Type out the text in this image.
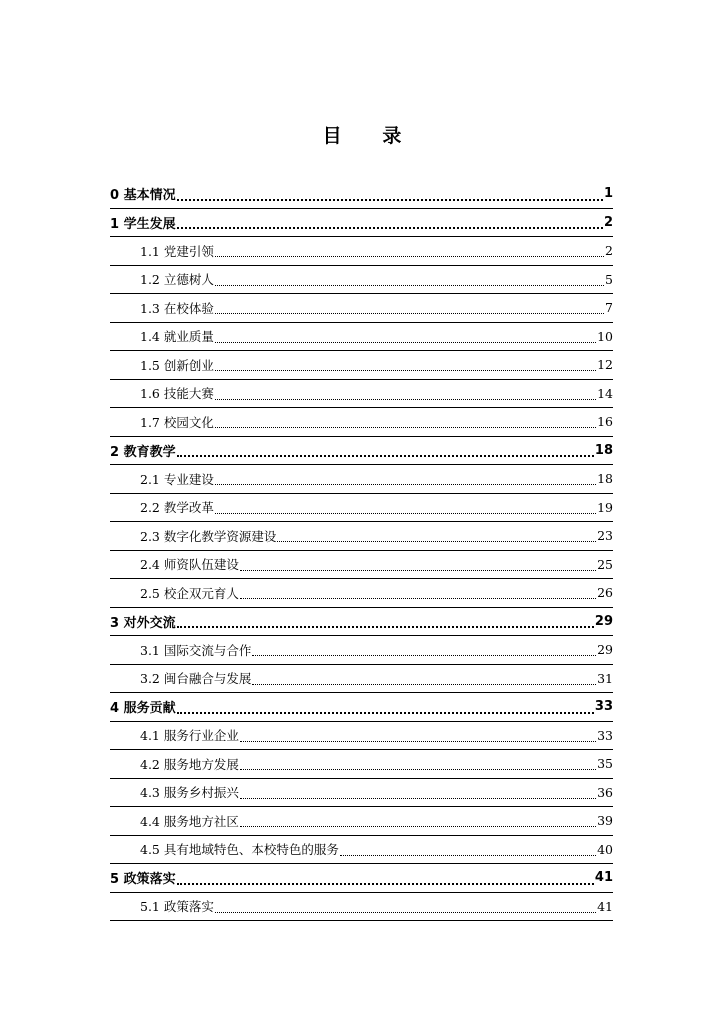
目 录
0 基本情况	1
1 学生发展	2
1.1 党建引领	2
1.2 立德树人	5
1.3 在校体验	7
1.4 就业质量	10
1.5 创新创业	12
1.6 技能大赛	14
1.7 校园文化	16
2 教育教学	18
2.1 专业建设	18
2.2 教学改革	19
2.3 数字化教学资源建设	23
2.4 师资队伍建设	25
2.5 校企双元育人	26
3 对外交流	29
3.1 国际交流与合作	29
3.2 闽台融合与发展	31
4 服务贡献	33
4.1 服务行业企业	33
4.2 服务地方发展	35
4.3 服务乡村振兴	36
4.4 服务地方社区	39
4.5 具有地域特色、本校特色的服务	40
5 政策落实	41
5.1 政策落实	41
